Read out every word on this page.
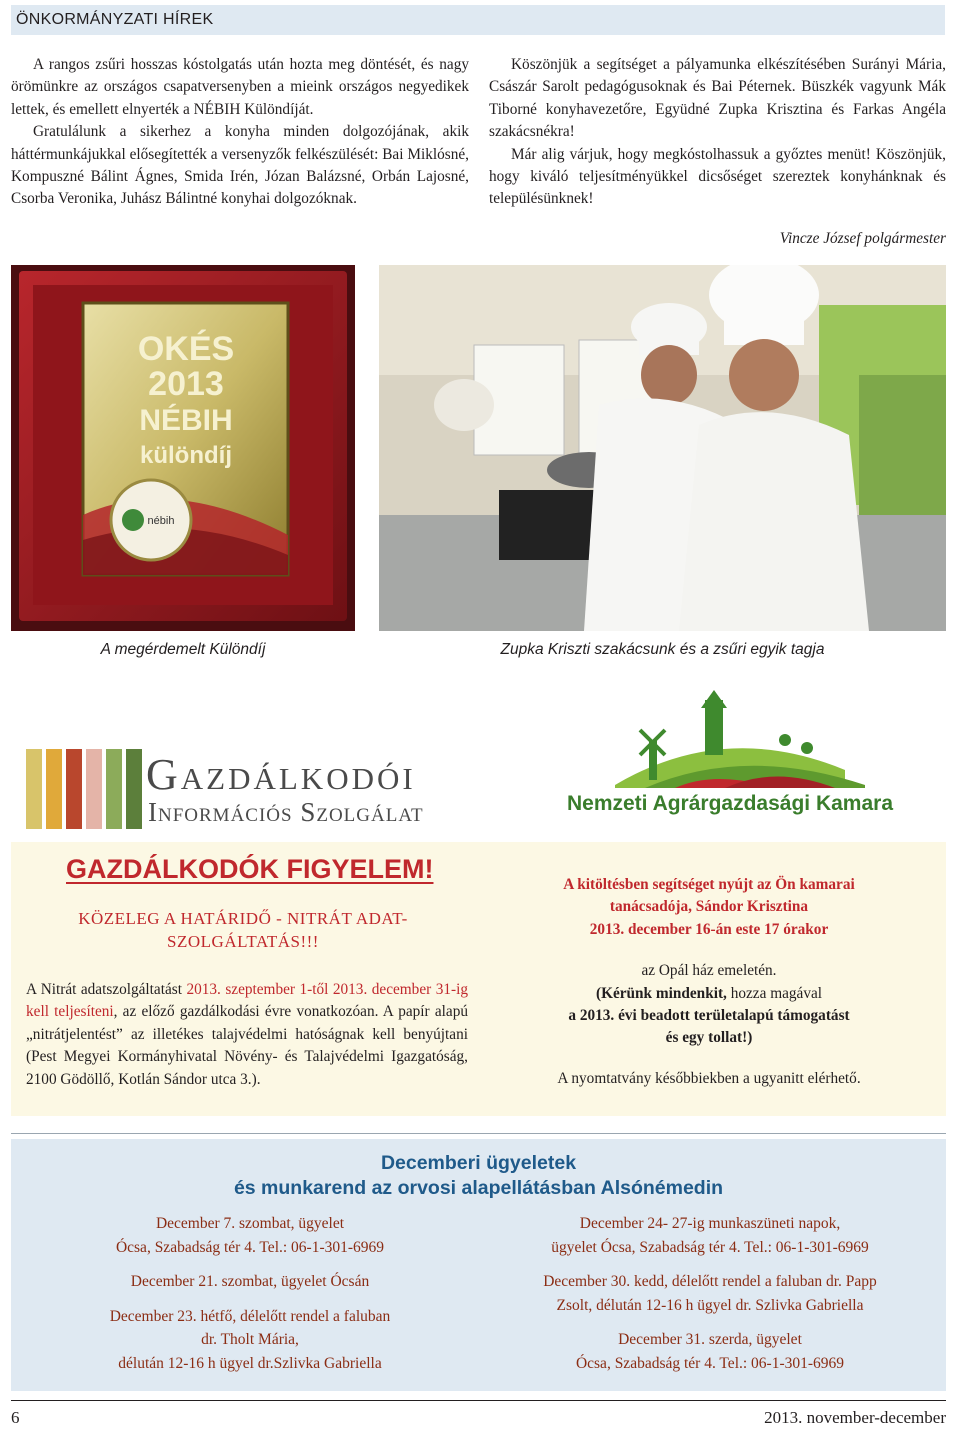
ÖNKORMÁNYZATI HÍREK

A rangos zsűri hosszas kóstolgatás után hozta meg döntését, és nagy örömünkre az országos csapatversenyben a mieink országos negyedikek lettek, és emellett elnyerték a NÉBIH Különdíját.

Gratulálunk a sikerhez a konyha minden dolgozójának, akik háttérmunkájukkal elősegítették a versenyzők felkészülését: Bai Miklósné, Kompuszné Bálint Ágnes, Smida Irén, Józan Balázsné, Orbán Lajosné, Csorba Veronika, Juhász Bálintné konyhai dolgozóknak.

Köszönjük a segítséget a pályamunka elkészítésében Surányi Mária, Császár Sarolt pedagógusoknak és Bai Péternek. Büszkék vagyunk Mák Tiborné konyhavezetőre, Együdné Zupka Krisztina és Farkas Angéla szakácsnékra!

Már alig várjuk, hogy megkóstolhassuk a győztes menüt! Köszönjük, hogy kiváló teljesítményükkel dicsőséget szereztek konyhánknak és településünknek!

Vincze József polgármester
OKÉS
2013
NÉBIH
különdíj
nébih
A megérdemelt Különdíj	Zupka Kriszti szakácsunk és a zsűri egyik tagja
Gazdálkodói
Információs Szolgálat	Nemzeti Agrárgazdasági Kamara
GAZDÁLKODÓK FIGYELEM!
KÖZELEG A HATÁRIDŐ - NITRÁT ADAT-
SZOLGÁLTATÁS!!!
A Nitrát adatszolgáltatást 2013. szeptember 1-től 2013. december 31-ig kell teljesíteni, az előző gazdálkodási évre vonatkozóan. A papír alapú „nitrátjelentést” az illetékes talajvédelmi hatóságnak kell benyújtani (Pest Megyei Kormányhivatal Növény- és Talajvédelmi Igazgatóság, 2100 Gödöllő, Kotlán Sándor utca 3.).
A kitöltésben segítséget nyújt az Ön kamarai
tanácsadója, Sándor Krisztina
2013. december 16-án este 17 órakor
az Opál ház emeletén.
(Kérünk mindenkit, hozza magával
a 2013. évi beadott területalapú támogatást
és egy tollat!)
A nyomtatvány későbbiekben a ugyanitt elérhető.
Decemberi ügyeletek
és munkarend az orvosi alapellátásban Alsónémedin
December 7. szombat, ügyelet
Ócsa, Szabadság tér 4. Tel.: 06-1-301-6969
December 21. szombat, ügyelet Ócsán
December 23. hétfő, délelőtt rendel a faluban
dr. Tholt Mária,
délután 12-16 h ügyel dr.Szlivka Gabriella
December 24- 27-ig munkaszüneti napok,
ügyelet Ócsa, Szabadság tér 4. Tel.: 06-1-301-6969
December 30. kedd, délelőtt rendel a faluban dr. Papp
Zsolt, délután 12-16 h ügyel dr. Szlivka Gabriella
December 31. szerda, ügyelet
Ócsa, Szabadság tér 4. Tel.: 06-1-301-6969
6	2013. november-december
